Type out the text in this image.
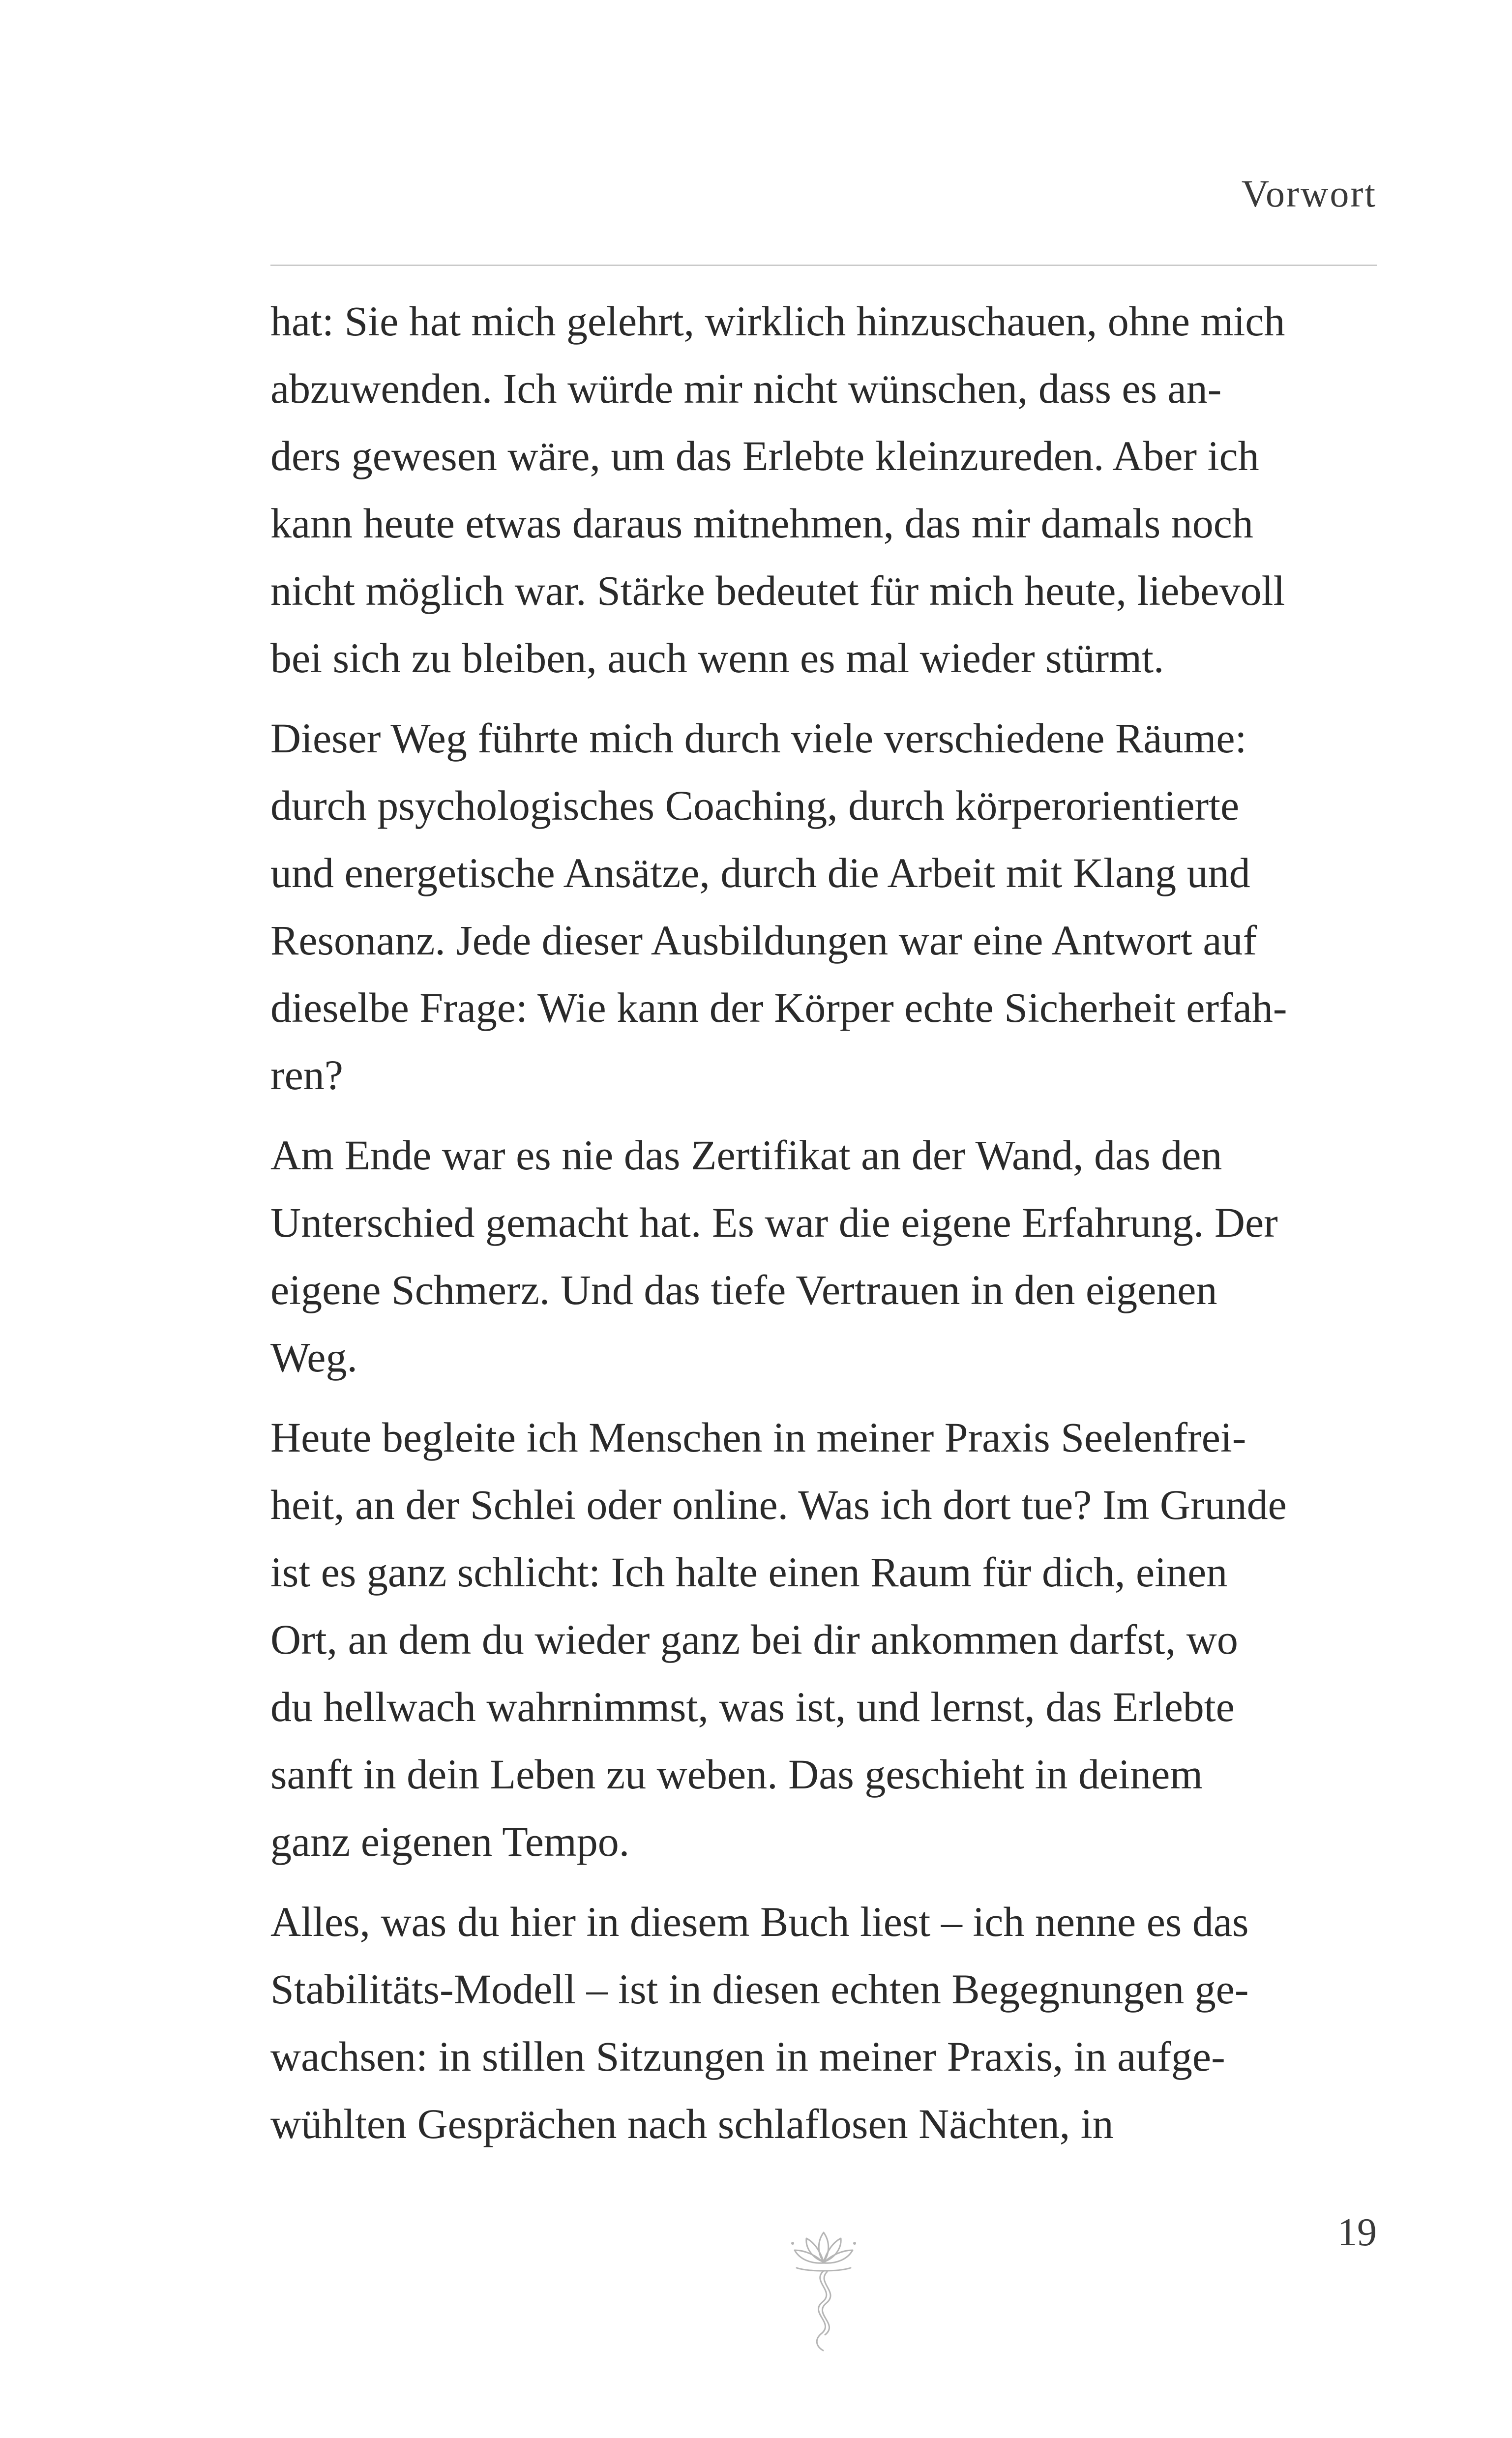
Vorwort
hat: Sie hat mich gelehrt, wirklich hinzuschauen, ohne mich
abzuwenden. Ich würde mir nicht wünschen, dass es an-
ders gewesen wäre, um das Erlebte kleinzureden. Aber ich
kann heute etwas daraus mitnehmen, das mir damals noch
nicht möglich war. Stärke bedeutet für mich heute, liebevoll
bei sich zu bleiben, auch wenn es mal wieder stürmt.
Dieser Weg führte mich durch viele verschiedene Räume:
durch psychologisches Coaching, durch körperorientierte
und energetische Ansätze, durch die Arbeit mit Klang und
Resonanz. Jede dieser Ausbildungen war eine Antwort auf
dieselbe Frage: Wie kann der Körper echte Sicherheit erfah-
ren?
Am Ende war es nie das Zertifikat an der Wand, das den
Unterschied gemacht hat. Es war die eigene Erfahrung. Der
eigene Schmerz. Und das tiefe Vertrauen in den eigenen
Weg.
Heute begleite ich Menschen in meiner Praxis Seelenfrei-
heit, an der Schlei oder online. Was ich dort tue? Im Grunde
ist es ganz schlicht: Ich halte einen Raum für dich, einen
Ort, an dem du wieder ganz bei dir ankommen darfst, wo
du hellwach wahrnimmst, was ist, und lernst, das Erlebte
sanft in dein Leben zu weben. Das geschieht in deinem
ganz eigenen Tempo.
Alles, was du hier in diesem Buch liest – ich nenne es das
Stabilitäts-Modell – ist in diesen echten Begegnungen ge-
wachsen: in stillen Sitzungen in meiner Praxis, in aufge-
wühlten Gesprächen nach schlaflosen Nächten, in
19
